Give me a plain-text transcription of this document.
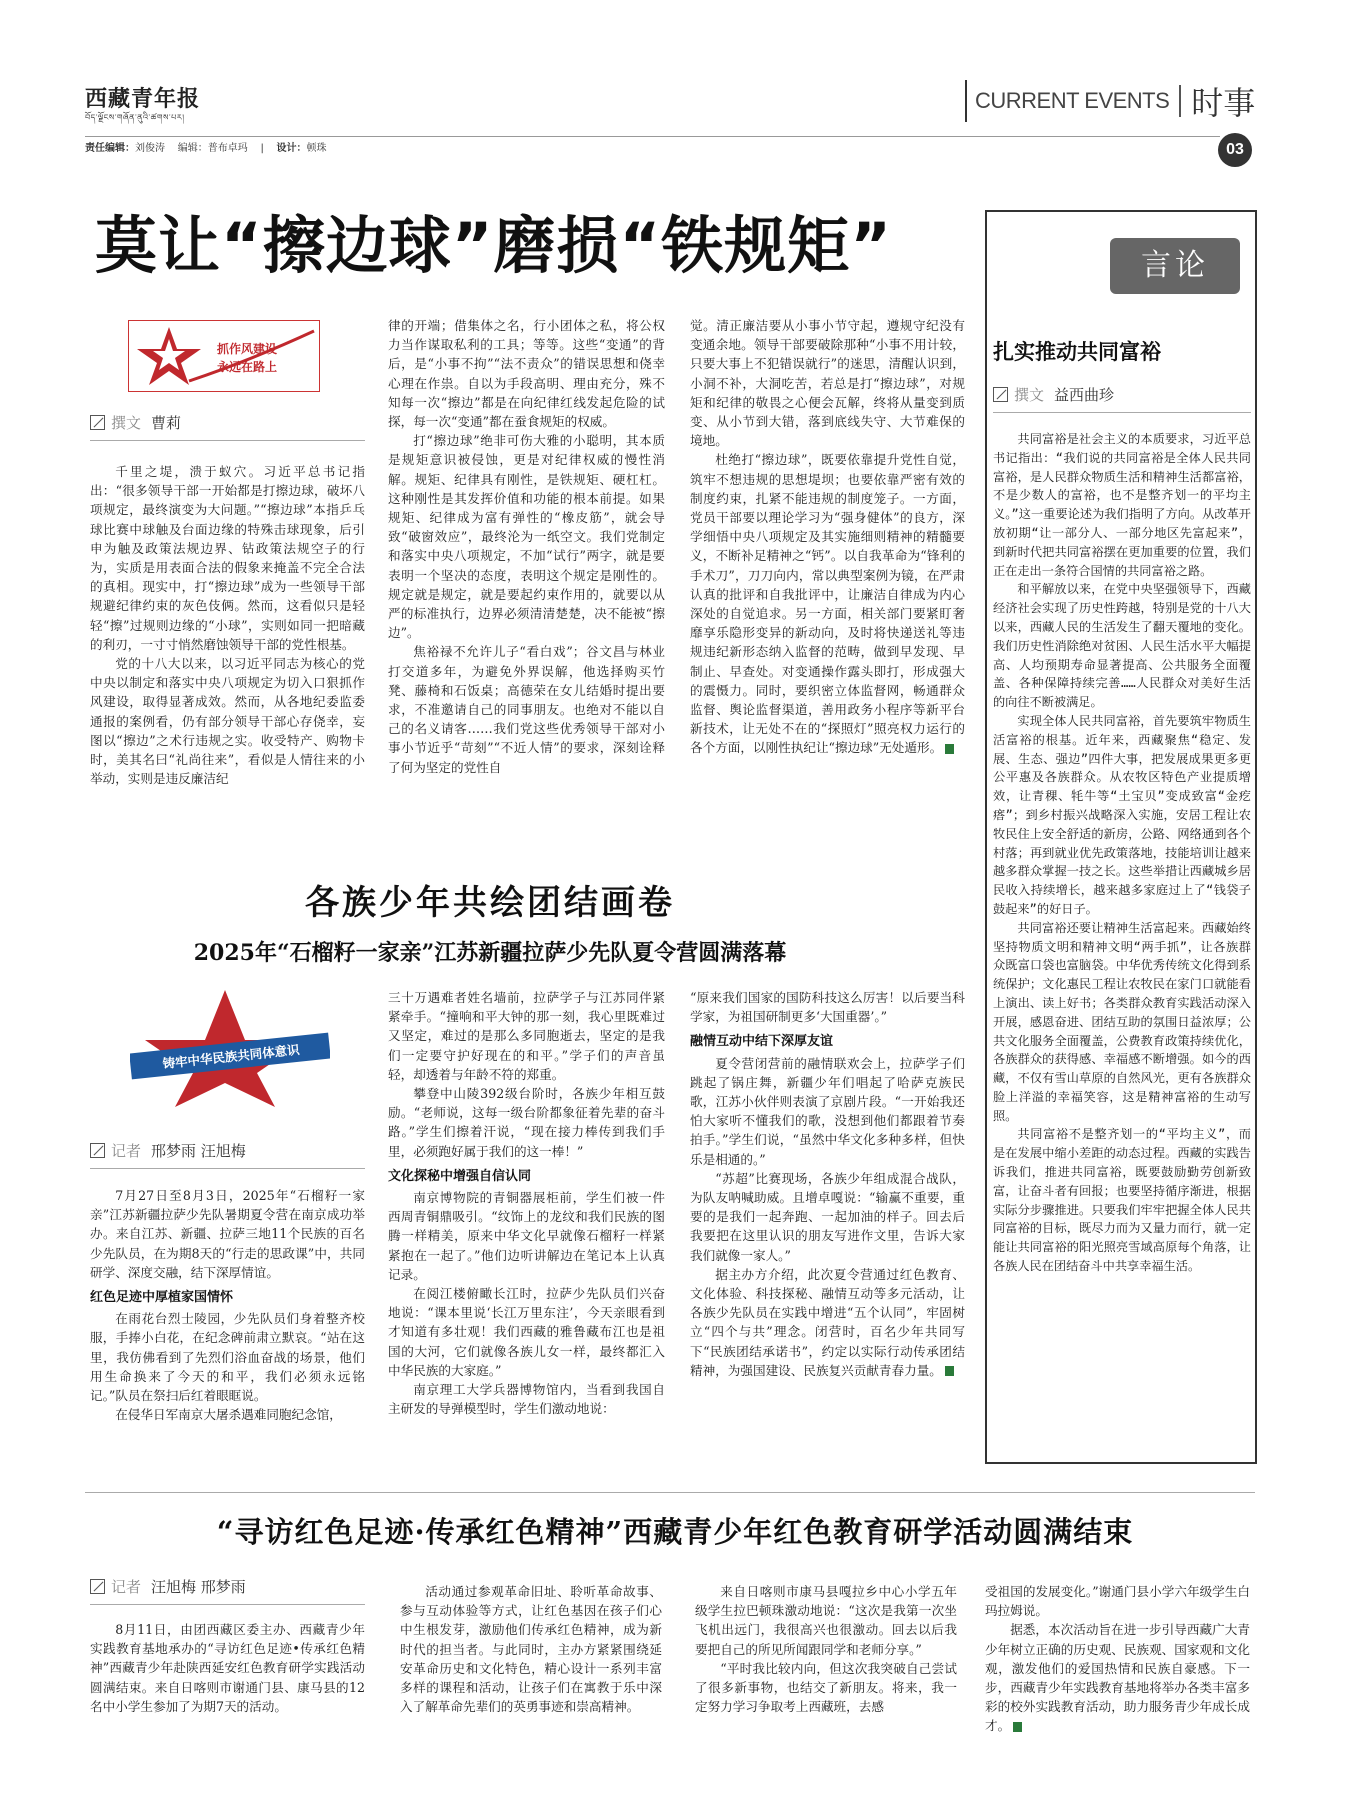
西藏青年报
བོད་ལྗོངས་གཞོན་ནུའི་ཚགས་པར།
CURRENT EVENTS 时事
责任编辑：刘俊涛 编辑：普布卓玛 | 设计：顿珠	03
莫让“擦边球”磨损“铁规矩”
抓作风建设
永远在路上
撰文 曹莉

千里之堤，溃于蚁穴。习近平总书记指出：“很多领导干部一开始都是打擦边球，破坏八项规定，最终演变为大问题。”“擦边球”本指乒乓球比赛中球触及台面边缘的特殊击球现象，后引申为触及政策法规边界、钻政策法规空子的行为，实质是用表面合法的假象来掩盖不完全合法的真相。现实中，打“擦边球”成为一些领导干部规避纪律约束的灰色伎俩。然而，这看似只是轻轻“擦”过规则边缘的“小球”，实则如同一把暗藏的利刃，一寸寸悄然磨蚀领导干部的党性根基。

党的十八大以来，以习近平同志为核心的党中央以制定和落实中央八项规定为切入口狠抓作风建设，取得显著成效。然而，从各地纪委监委通报的案例看，仍有部分领导干部心存侥幸，妄图以“擦边”之术行违规之实。收受特产、购物卡时，美其名曰“礼尚往来”，看似是人情往来的小举动，实则是违反廉洁纪

律的开端；借集体之名，行小团体之私，将公权力当作谋取私利的工具；等等。这些“变通”的背后，是“小事不拘”“法不责众”的错误思想和侥幸心理在作祟。自以为手段高明、理由充分，殊不知每一次“擦边”都是在向纪律红线发起危险的试探，每一次“变通”都在蚕食规矩的权威。

打“擦边球”绝非可伤大雅的小聪明，其本质是规矩意识被侵蚀，更是对纪律权威的慢性消解。规矩、纪律具有刚性，是铁规矩、硬杠杠。这种刚性是其发挥价值和功能的根本前提。如果规矩、纪律成为富有弹性的“橡皮筋”，就会导致“破窗效应”，最终沦为一纸空文。我们党制定和落实中央八项规定，不加“试行”两字，就是要表明一个坚决的态度，表明这个规定是刚性的。规定就是规定，就是要起约束作用的，就要以从严的标准执行，边界必须清清楚楚，决不能被“擦边”。

焦裕禄不允许儿子“看白戏”；谷文昌与林业打交道多年，为避免外界误解，他选择购买竹凳、藤椅和石饭桌；高德荣在女儿结婚时提出要求，不准邀请自己的同事朋友。也绝对不能以自己的名义请客……我们党这些优秀领导干部对小事小节近乎“苛刻”“不近人情”的要求，深刻诠释了何为坚定的党性自

觉。清正廉洁要从小事小节守起，遵规守纪没有变通余地。领导干部要破除那种“小事不用计较，只要大事上不犯错误就行”的迷思，清醒认识到，小洞不补，大洞吃苦，若总是打“擦边球”，对规矩和纪律的敬畏之心便会瓦解，终将从量变到质变、从小节到大错，落到底线失守、大节难保的境地。

杜绝打“擦边球”，既要依靠提升党性自觉，筑牢不想违规的思想堤坝；也要依靠严密有效的制度约束，扎紧不能违规的制度笼子。一方面，党员干部要以理论学习为“强身健体”的良方，深学细悟中央八项规定及其实施细则精神的精髓要义，不断补足精神之“钙”。以自我革命为“锋利的手术刀”，刀刀向内，常以典型案例为镜，在严肃认真的批评和自我批评中，让廉洁自律成为内心深处的自觉追求。另一方面，相关部门要紧盯奢靡享乐隐形变异的新动向，及时将快递送礼等违规违纪新形态纳入监督的范畴，做到早发现、早制止、早查处。对变通操作露头即打，形成强大的震慑力。同时，要织密立体监督网，畅通群众监督、舆论监督渠道，善用政务小程序等新平台新技术，让无处不在的“探照灯”照亮权力运行的各个方面，以刚性执纪让“擦边球”无处遁形。

言论
扎实推动共同富裕
撰文 益西曲珍

共同富裕是社会主义的本质要求，习近平总书记指出：“我们说的共同富裕是全体人民共同富裕，是人民群众物质生活和精神生活都富裕，不是少数人的富裕，也不是整齐划一的平均主义。”这一重要论述为我们指明了方向。从改革开放初期“让一部分人、一部分地区先富起来”，到新时代把共同富裕摆在更加重要的位置，我们正在走出一条符合国情的共同富裕之路。

和平解放以来，在党中央坚强领导下，西藏经济社会实现了历史性跨越，特别是党的十八大以来，西藏人民的生活发生了翻天覆地的变化。我们历史性消除绝对贫困、人民生活水平大幅提高、人均预期寿命显著提高、公共服务全面覆盖、各种保障持续完善……人民群众对美好生活的向往不断被满足。

实现全体人民共同富裕，首先要筑牢物质生活富裕的根基。近年来，西藏聚焦“稳定、发展、生态、强边”四件大事，把发展成果更多更公平惠及各族群众。从农牧区特色产业提质增效，让青稞、牦牛等“土宝贝”变成致富“金疙瘩”；到乡村振兴战略深入实施，安居工程让农牧民住上安全舒适的新房，公路、网络通到各个村落；再到就业优先政策落地，技能培训让越来越多群众掌握一技之长。这些举措让西藏城乡居民收入持续增长，越来越多家庭过上了“钱袋子鼓起来”的好日子。

共同富裕还要让精神生活富起来。西藏始终坚持物质文明和精神文明“两手抓”，让各族群众既富口袋也富脑袋。中华优秀传统文化得到系统保护；文化惠民工程让农牧民在家门口就能看上演出、读上好书；各类群众教育实践活动深入开展，感恩奋进、团结互助的氛围日益浓厚；公共文化服务全面覆盖，公费教育政策持续优化，各族群众的获得感、幸福感不断增强。如今的西藏，不仅有雪山草原的自然风光，更有各族群众脸上洋溢的幸福笑容，这是精神富裕的生动写照。

共同富裕不是整齐划一的“平均主义”，而是在发展中缩小差距的动态过程。西藏的实践告诉我们，推进共同富裕，既要鼓励勤劳创新致富，让奋斗者有回报；也要坚持循序渐进，根据实际分步骤推进。只要我们牢牢把握全体人民共同富裕的目标，既尽力而为又量力而行，就一定能让共同富裕的阳光照亮雪域高原每个角落，让各族人民在团结奋斗中共享幸福生活。

各族少年共绘团结画卷
2025年“石榴籽一家亲”江苏新疆拉萨少先队夏令营圆满落幕
铸牢中华民族共同体意识
记者 邢梦雨 汪旭梅

7月27日至8月3日，2025年“石榴籽一家亲”江苏新疆拉萨少先队暑期夏令营在南京成功举办。来自江苏、新疆、拉萨三地11个民族的百名少先队员，在为期8天的“行走的思政课”中，共同研学、深度交融，结下深厚情谊。

红色足迹中厚植家国情怀

在雨花台烈士陵园，少先队员们身着整齐校服，手捧小白花，在纪念碑前肃立默哀。“站在这里，我仿佛看到了先烈们浴血奋战的场景，他们用生命换来了今天的和平，我们必须永远铭记。”队员在祭扫后红着眼眶说。

在侵华日军南京大屠杀遇难同胞纪念馆，

三十万遇难者姓名墙前，拉萨学子与江苏同伴紧紧牵手。“撞响和平大钟的那一刻，我心里既难过又坚定，难过的是那么多同胞逝去，坚定的是我们一定要守护好现在的和平。”学子们的声音虽轻，却透着与年龄不符的郑重。

攀登中山陵392级台阶时，各族少年相互鼓励。“老师说，这每一级台阶都象征着先辈的奋斗路。”学生们擦着汗说，“现在接力棒传到我们手里，必须跑好属于我们的这一棒！”

文化探秘中增强自信认同

南京博物院的青铜器展柜前，学生们被一件西周青铜鼎吸引。“纹饰上的龙纹和我们民族的图腾一样精美，原来中华文化早就像石榴籽一样紧紧抱在一起了。”他们边听讲解边在笔记本上认真记录。

在阅江楼俯瞰长江时，拉萨少先队员们兴奋地说：“课本里说‘长江万里东注’，今天亲眼看到才知道有多壮观！我们西藏的雅鲁藏布江也是祖国的大河，它们就像各族儿女一样，最终都汇入中华民族的大家庭。”

南京理工大学兵器博物馆内，当看到我国自主研发的导弹模型时，学生们激动地说：

“原来我们国家的国防科技这么厉害！以后要当科学家，为祖国研制更多‘大国重器’。”

融情互动中结下深厚友谊

夏令营闭营前的融情联欢会上，拉萨学子们跳起了锅庄舞，新疆少年们唱起了哈萨克族民歌，江苏小伙伴则表演了京剧片段。“一开始我还怕大家听不懂我们的歌，没想到他们都跟着节奏拍手。”学生们说，“虽然中华文化多种多样，但快乐是相通的。”

“苏超”比赛现场，各族少年组成混合战队，为队友呐喊助威。且增卓嘎说：“输赢不重要，重要的是我们一起奔跑、一起加油的样子。回去后我要把在这里认识的朋友写进作文里，告诉大家我们就像一家人。”

据主办方介绍，此次夏令营通过红色教育、文化体验、科技探秘、融情互动等多元活动，让各族少先队员在实践中增进“五个认同”，牢固树立“四个与共”理念。闭营时，百名少年共同写下“民族团结承诺书”，约定以实际行动传承团结精神，为强国建设、民族复兴贡献青春力量。

“寻访红色足迹·传承红色精神”西藏青少年红色教育研学活动圆满结束
记者 汪旭梅 邢梦雨

8月11日，由团西藏区委主办、西藏青少年实践教育基地承办的“寻访红色足迹•传承红色精神”西藏青少年赴陕西延安红色教育研学实践活动圆满结束。来自日喀则市谢通门县、康马县的12名中小学生参加了为期7天的活动。

活动通过参观革命旧址、聆听革命故事、参与互动体验等方式，让红色基因在孩子们心中生根发芽，激励他们传承红色精神，成为新时代的担当者。与此同时，主办方紧紧围绕延安革命历史和文化特色，精心设计一系列丰富多样的课程和活动，让孩子们在寓教于乐中深入了解革命先辈们的英勇事迹和崇高精神。

来自日喀则市康马县嘎拉乡中心小学五年级学生拉巴顿珠激动地说：“这次是我第一次坐飞机出远门，我很高兴也很激动。回去以后我要把自己的所见所闻跟同学和老师分享。”

“平时我比较内向，但这次我突破自己尝试了很多新事物，也结交了新朋友。将来，我一定努力学习争取考上西藏班，去感

受祖国的发展变化。”谢通门县小学六年级学生白玛拉姆说。

据悉，本次活动旨在进一步引导西藏广大青少年树立正确的历史观、民族观、国家观和文化观，激发他们的爱国热情和民族自豪感。下一步，西藏青少年实践教育基地将举办各类丰富多彩的校外实践教育活动，助力服务青少年成长成才。
